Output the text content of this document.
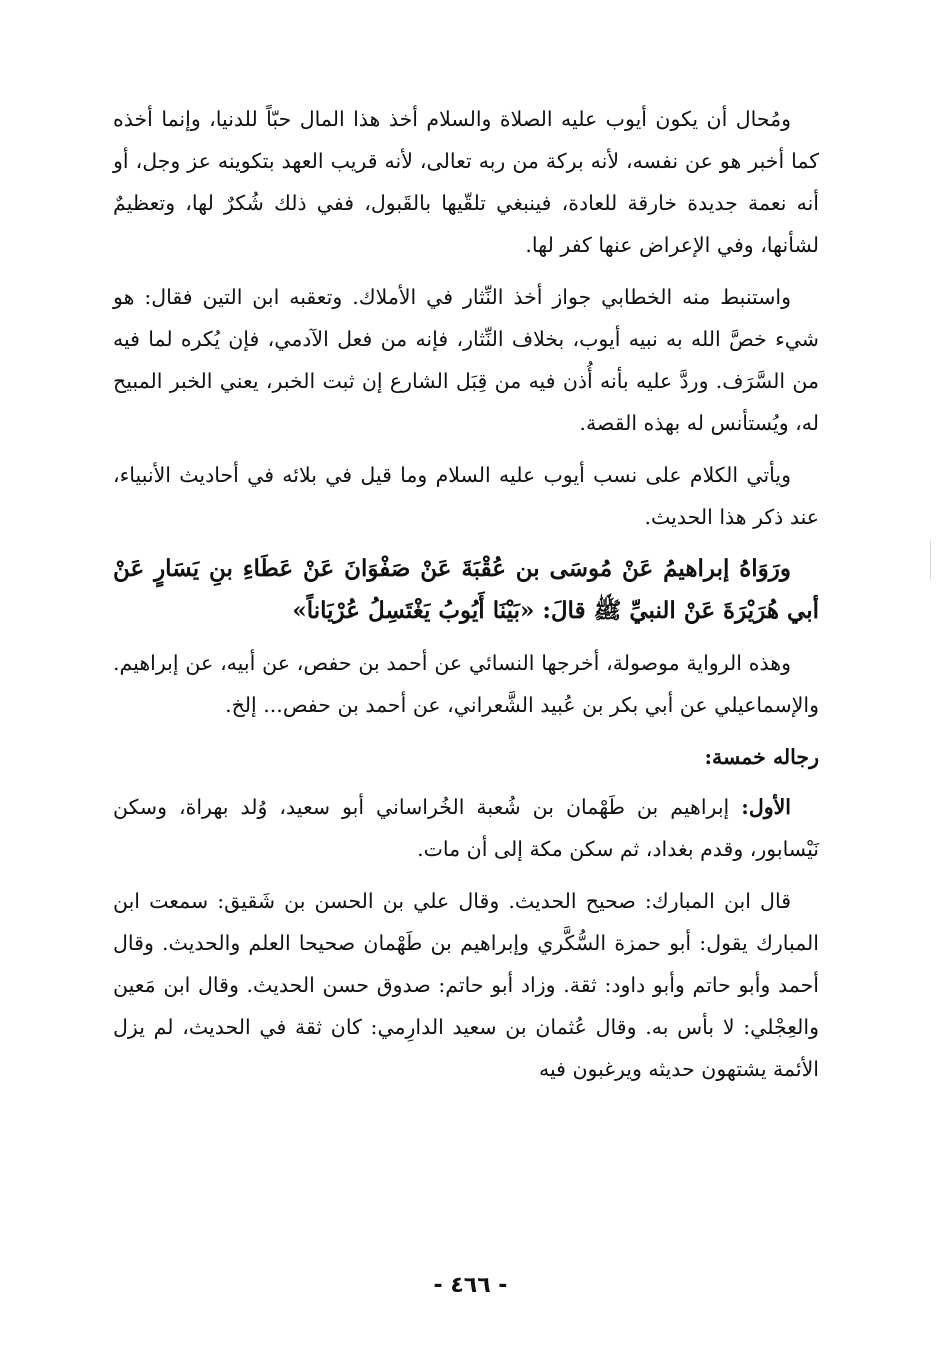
ومُحال أن يكون أيوب عليه الصلاة والسلام أخذ هذا المال حبّاً للدنيا، وإنما أخذه كما أخبر هو عن نفسه، لأنه بركة من ربه تعالى، لأنه قريب العهد بتكوينه عز وجل، أو أنه نعمة جديدة خارقة للعادة، فينبغي تلقّيها بالقَبول، ففي ذلك شُكرٌ لها، وتعظيمٌ لشأنها، وفي الإعراض عنها كفر لها.

واستنبط منه الخطابي جواز أخذ النِّثار في الأملاك. وتعقبه ابن التين فقال: هو شيء خصَّ الله به نبيه أيوب، بخلاف النِّثار، فإنه من فعل الآدمي، فإن يُكره لما فيه من السَّرَف. وردَّ عليه بأنه أُذن فيه من قِبَل الشارع إن ثبت الخبر، يعني الخبر المبيح له، ويُستأنس له بهذه القصة.

ويأتي الكلام على نسب أيوب عليه السلام وما قيل في بلائه في أحاديث الأنبياء، عند ذكر هذا الحديث.

ورَوَاهُ إبراهيمُ عَنْ مُوسَى بن عُقْبَةَ عَنْ صَفْوَانَ عَنْ عَطَاءِ بنِ يَسَارٍ عَنْ أبي هُرَيْرَةَ عَنْ النبيِّ ﷺ قالَ: «بَيْنَا أَيُوبُ يَغْتَسِلُ عُرْيَاناً»

وهذه الرواية موصولة، أخرجها النسائي عن أحمد بن حفص، عن أبيه، عن إبراهيم. والإسماعيلي عن أبي بكر بن عُبيد الشَّعراني، عن أحمد بن حفص... إلخ.

رجاله خمسة:

الأول: إبراهيم بن طَهْمان بن شُعبة الخُراساني أبو سعيد، وُلد بهراة، وسكن نَيْسابور، وقدم بغداد، ثم سكن مكة إلى أن مات.

قال ابن المبارك: صحيح الحديث. وقال علي بن الحسن بن شَقيق: سمعت ابن المبارك يقول: أبو حمزة السُّكَّري وإبراهيم بن طَهْمان صحيحا العلم والحديث. وقال أحمد وأبو حاتم وأبو داود: ثقة. وزاد أبو حاتم: صدوق حسن الحديث. وقال ابن مَعين والعِجْلي: لا بأس به. وقال عُثمان بن سعيد الدارِمي: كان ثقة في الحديث، لم يزل الأئمة يشتهون حديثه ويرغبون فيه

- ٤٦٦ -
